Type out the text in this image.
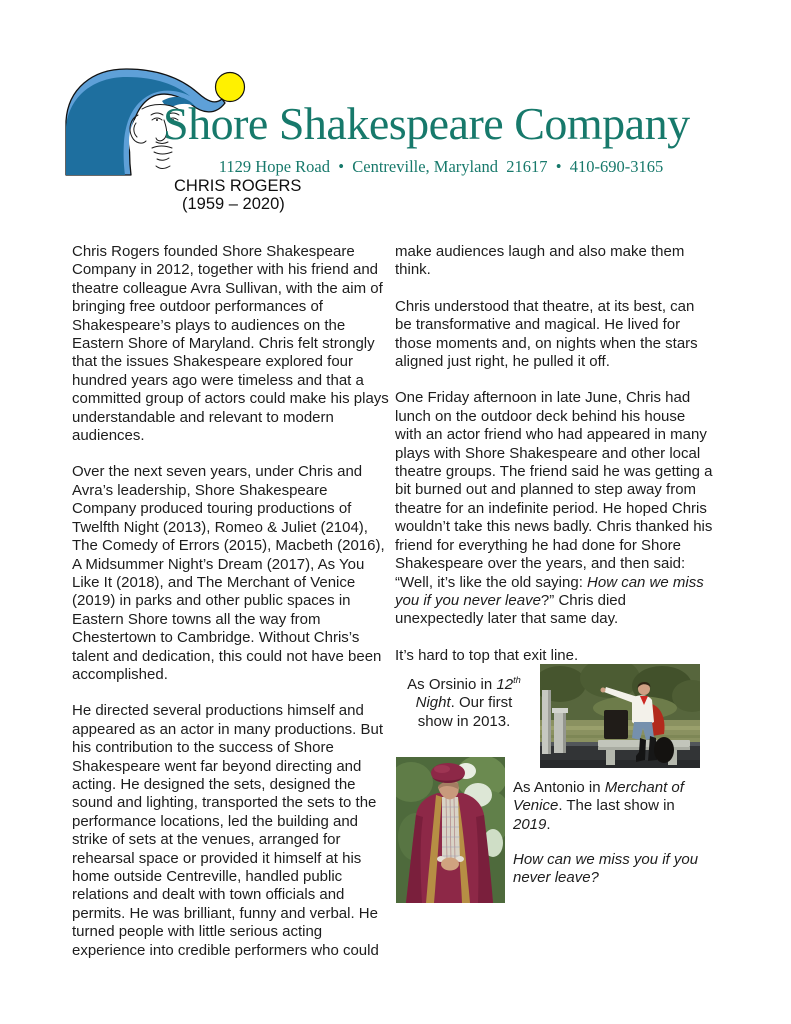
Shore Shakespeare Company
1129 Hope Road  •  Centreville, Maryland  21617  •  410-690-3165
CHRIS ROGERS
(1959 – 2020)

Chris Rogers founded Shore Shakespeare Company in 2012, together with his friend and theatre colleague Avra Sullivan, with the aim of bringing free outdoor performances of Shakespeare’s plays to audiences on the Eastern Shore of Maryland. Chris felt strongly that the issues Shakespeare explored four hundred years ago were timeless and that a committed group of actors could make his plays understandable and relevant to modern audiences.

Over the next seven years, under Chris and Avra’s leadership, Shore Shakespeare Company produced touring productions of Twelfth Night (2013), Romeo & Juliet (2104), The Comedy of Errors (2015), Macbeth (2016), A Midsummer Night’s Dream (2017), As You Like It (2018), and The Merchant of Venice (2019) in parks and other public spaces in Eastern Shore towns all the way from Chestertown to Cambridge. Without Chris’s talent and dedication, this could not have been accomplished.

He directed several productions himself and appeared as an actor in many productions. But his contribution to the success of Shore Shakespeare went far beyond directing and acting. He designed the sets, designed the sound and lighting, transported the sets to the performance locations, led the building and strike of sets at the venues, arranged for rehearsal space or provided it himself at his home outside Centreville, handled public relations and dealt with town officials and permits. He was brilliant, funny and verbal. He turned people with little serious acting experience into credible performers who could

make audiences laugh and also make them think.

Chris understood that theatre, at its best, can be transformative and magical. He lived for those moments and, on nights when the stars aligned just right, he pulled it off.

One Friday afternoon in late June, Chris had lunch on the outdoor deck behind his house with an actor friend who had appeared in many plays with Shore Shakespeare and other local theatre groups. The friend said he was getting a bit burned out and planned to step away from theatre for an indefinite period. He hoped Chris wouldn’t take this news badly. Chris thanked his friend for everything he had done for Shore Shakespeare over the years, and then said: “Well, it’s like the old saying: How can we miss you if you never leave?” Chris died unexpectedly later that same day.

It’s hard to top that exit line.

As Orsinio in 12th Night. Our first show in 2013.
As Antonio in Merchant of Venice. The last show in 2019.
How can we miss you if you never leave?
